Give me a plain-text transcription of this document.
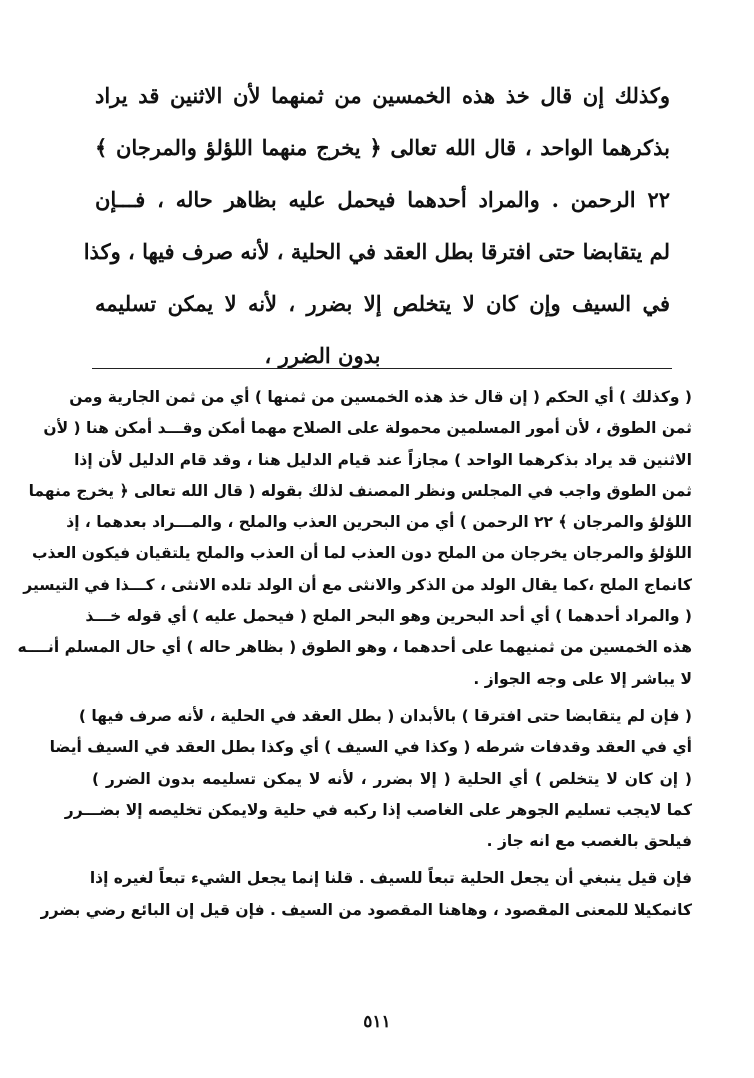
وكذلك إن قال خذ هذه الخمسين من ثمنهما لأن الاثنين قد يراد
بذكرهما الواحد ، قال الله تعالى ﴿ يخرج منهما اللؤلؤ والمرجان ﴾
٢٢ الرحمن . والمراد أحدهما فيحمل عليه بظاهر حاله ، فـــإن
لم يتقابضا حتى افترقا بطل العقد في الحلية ، لأنه صرف فيها ، وكذا
في السيف وإن كان لا يتخلص إلا بضرر ، لأنه لا يمكن تسليمه
بدون الضرر ،
( وكذلك ) أي الحكم ( إن قال خذ هذه الخمسين من ثمنها ) أي من ثمن الجارية ومن
ثمن الطوق ، لأن أمور المسلمين محمولة على الصلاح مهما أمكن وقـــد أمكن هنا ( لأن
الاثنين قد يراد بذكرهما الواحد ) مجازاً عند قيام الدليل هنا ، وقد قام الدليل لأن إذا
ثمن الطوق واجب في المجلس ونظر المصنف لذلك بقوله ( قال الله تعالى ﴿ يخرج منهما
اللؤلؤ والمرجان ﴾ ٢٢ الرحمن ) أي من البحرين العذب والملح ، والمـــراد بعدهما ، إذ
اللؤلؤ والمرجان يخرجان من الملح دون العذب لما أن العذب والملح يلتقيان فيكون العذب
كانماج الملح ،كما يقال الولد من الذكر والانثى مع أن الولد تلده الانثى ، كـــذا في التيسير
( والمراد أحدهما ) أي أحد البحرين وهو البحر الملح ( فيحمل عليه ) أي قوله خـــذ
هذه الخمسين من ثمنيهما على أحدهما ، وهو الطوق ( بظاهر حاله ) أي حال المسلم أنــــه
لا يباشر إلا على وجه الجواز .
( فإن لم يتقابضا حتى افترقا ) بالأبدان ( بطل العقد في الحلية ، لأنه صرف فيها )
أي في العقد وقدفات شرطه ( وكذا في السيف ) أي وكذا بطل العقد في السيف أيضا
( إن كان لا يتخلص ) أي الحلية ( إلا بضرر ، لأنه لا يمكن تسليمه بدون الضرر )
كما لايجب تسليم الجوهر على الغاصب إذا ركبه في حلية ولايمكن تخليصه إلا بضـــرر
فيلحق بالغصب مع انه جاز .
فإن قيل ينبغي أن يجعل الحلية تبعاً للسيف . قلنا إنما يجعل الشيء تبعاً لغيره إذا
كانمكيلا للمعنى المقصود ، وهاهنا المقصود من السيف . فإن قيل إن البائع رضي بضرر
٥١١
